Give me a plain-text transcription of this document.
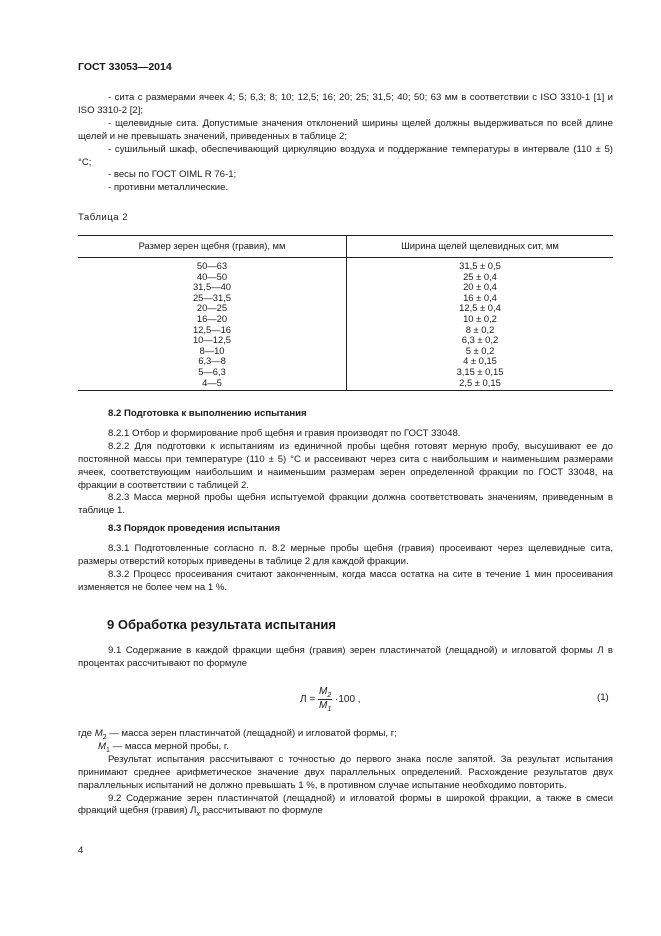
ГОСТ 33053—2014

- сита с размерами ячеек 4; 5; 6,3; 8; 10; 12,5; 16; 20; 25; 31,5; 40; 50; 63 мм в соответствии с ISO 3310-1 [1] и ISO 3310-2 [2];

- щелевидные сита. Допустимые значения отклонений ширины щелей должны выдерживаться по всей длине щелей и не превышать значений, приведенных в таблице 2;

- сушильный шкаф, обеспечивающий циркуляцию воздуха и поддержание температуры в интервале (110 ± 5) °С;

- весы по ГОСТ OIML R 76-1;

- противни металлические.

Таблица 2
Размер зерен щебня (гравия), мм	Ширина щелей щелевидных сит, мм
50—63	31,5 ± 0,5
40—50	25 ± 0,4
31,5—40	20 ± 0,4
25—31,5	16 ± 0,4
20—25	12,5 ± 0,4
16—20	10 ± 0,2
12,5—16	8 ± 0,2
10—12,5	6,3 ± 0,2
8—10	5 ± 0,2
6,3—8	4 ± 0,15
5—6,3	3,15 ± 0,15
4—5	2,5 ± 0,15

8.2 Подготовка к выполнению испытания

8.2.1 Отбор и формирование проб щебня и гравия производят по ГОСТ 33048.

8.2.2 Для подготовки к испытаниям из единичной пробы щебня готовят мерную пробу, высушивают ее до постоянной массы при температуре (110 ± 5) °С и рассеивают через сита с наибольшим и наименьшим размерами ячеек, соответствующим наибольшим и наименьшим размерам зерен определенной фракции по ГОСТ 33048, на фракции в соответствии с таблицей 2.

8.2.3 Масса мерной пробы щебня испытуемой фракции должна соответствовать значениям, приведенным в таблице 1.

8.3 Порядок проведения испытания

8.3.1 Подготовленные согласно п. 8.2 мерные пробы щебня (гравия) просеивают через щелевидные сита, размеры отверстий которых приведены в таблице 2 для каждой фракции.

8.3.2 Процесс просеивания считают законченным, когда масса остатка на сите в течение 1 мин просеивания изменяется не более чем на 1 %.

9 Обработка результата испытания

9.1 Содержание в каждой фракции щебня (гравия) зерен пластинчатой (лещадной) и игловатой формы Л в процентах рассчитывают по формуле

$Л = \frac{M_2}{M_1} \cdot 100$ ,	(1)

где $M_2$ — масса зерен пластинчатой (лещадной) и игловатой формы, г;

$M_1$ — масса мерной пробы, г.

Результат испытания рассчитывают с точностью до первого знака после запятой. За результат испытания принимают среднее арифметическое значение двух параллельных определений. Расхождение результатов двух параллельных испытаний не должно превышать 1 %, в противном случае испытание необходимо повторить.

9.2 Содержание зерен пластинчатой (лещадной) и игловатой формы в широкой фракции, а также в смеси фракций щебня (гравия) $Л_x$ рассчитывают по формуле

4
